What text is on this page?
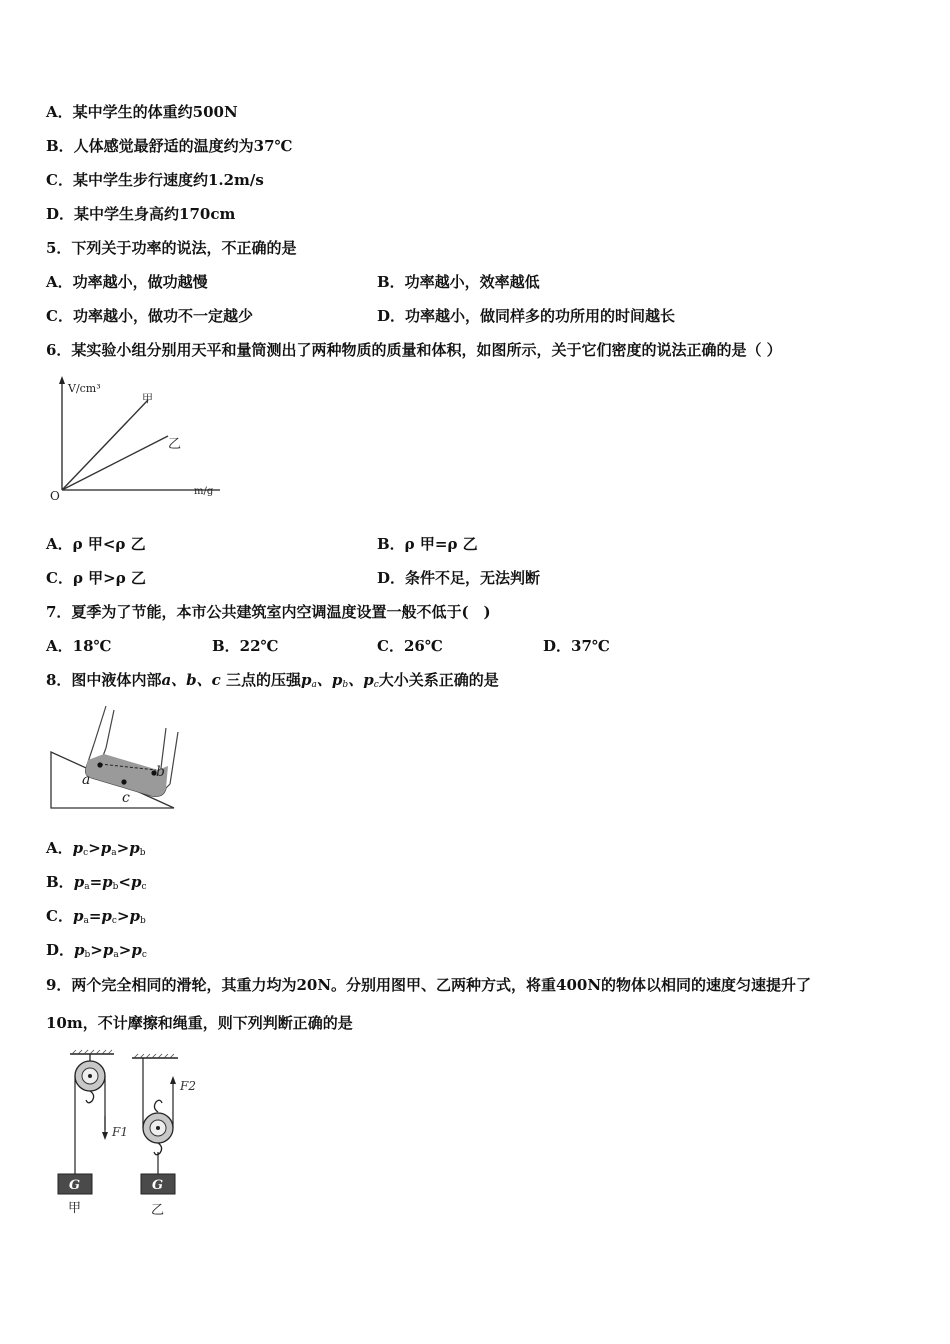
A．某中学生的体重约500N
B．人体感觉最舒适的温度约为37℃
C．某中学生步行速度约1.2m/s
D．某中学生身高约170cm
5．下列关于功率的说法，不正确的是
A．功率越小，做功越慢	B．功率越小，效率越低
C．功率越小，做功不一定越少	D．功率越小，做同样多的功所用的时间越长
6．某实验小组分别用天平和量筒测出了两种物质的质量和体积，如图所示，关于它们密度的说法正确的是（ ）
V/cm³
m/g
O
甲
乙
A．ρ 甲<ρ 乙	B．ρ 甲=ρ 乙
C．ρ 甲>ρ 乙	D．条件不足，无法判断
7．夏季为了节能，本市公共建筑室内空调温度设置一般不低于(　)
A．18℃	B．22℃	C．26℃	D．37℃
8．图中液体内部a、b、c 三点的压强$p_a$、$p_b$、$p_c$大小关系正确的是
a	b
c
A．$p_c>p_a>p_b$
B．$p_a=p_b<p_c$
C．$p_a=p_c>p_b$
D．$p_b>p_a>p_c$
9．两个完全相同的滑轮，其重力均为20N。分别用图甲、乙两种方式，将重400N的物体以相同的速度匀速提升了
10m，不计摩擦和绳重，则下列判断正确的是
F1
G
甲
F2
G
乙
